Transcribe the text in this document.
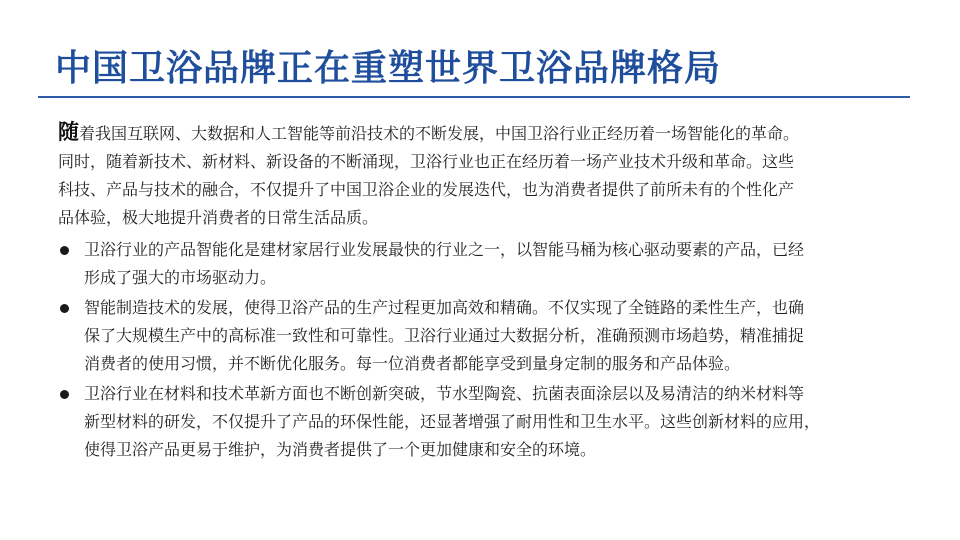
中国卫浴品牌正在重塑世界卫浴品牌格局
随着我国互联网、大数据和人工智能等前沿技术的不断发展，中国卫浴行业正经历着一场智能化的革命。

同时，随着新技术、新材料、新设备的不断涌现，卫浴行业也正在经历着一场产业技术升级和革命。这些

科技、产品与技术的融合，不仅提升了中国卫浴企业的发展迭代，也为消费者提供了前所未有的个性化产

品体验，极大地提升消费者的日常生活品质。

卫浴行业的产品智能化是建材家居行业发展最快的行业之一，以智能马桶为核心驱动要素的产品，已经
形成了强大的市场驱动力。
智能制造技术的发展，使得卫浴产品的生产过程更加高效和精确。不仅实现了全链路的柔性生产，也确
保了大规模生产中的高标准一致性和可靠性。卫浴行业通过大数据分析，准确预测市场趋势，精准捕捉
消费者的使用习惯，并不断优化服务。每一位消费者都能享受到量身定制的服务和产品体验。
卫浴行业在材料和技术革新方面也不断创新突破，节水型陶瓷、抗菌表面涂层以及易清洁的纳米材料等
新型材料的研发，不仅提升了产品的环保性能，还显著增强了耐用性和卫生水平。这些创新材料的应用，
使得卫浴产品更易于维护，为消费者提供了一个更加健康和安全的环境。
